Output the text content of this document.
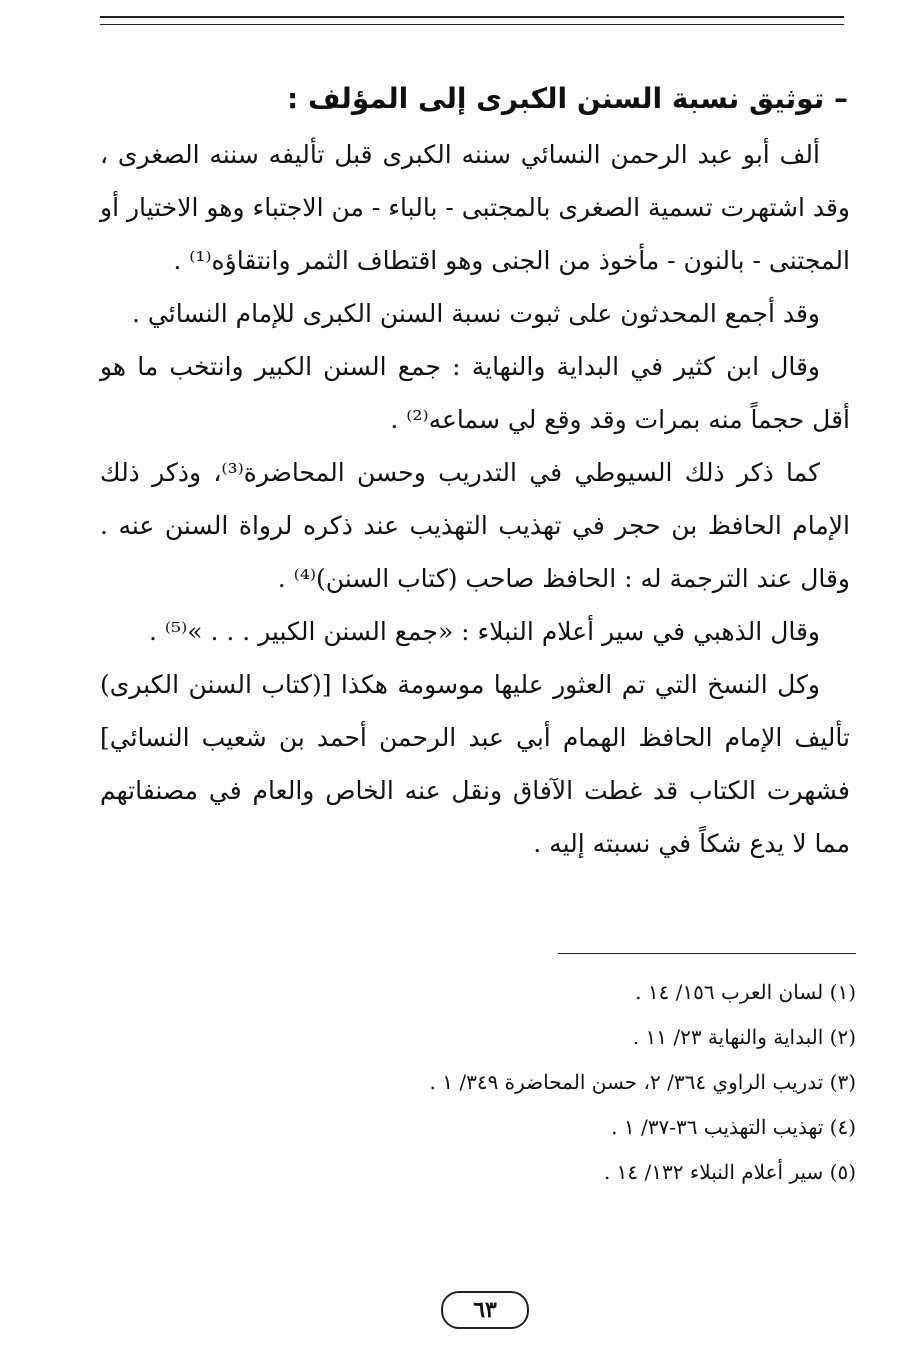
– توثيق نسبة السنن الكبرى إلى المؤلف :

ألف أبو عبد الرحمن النسائي سننه الكبرى قبل تأليفه سننه الصغرى ، وقد اشتهرت تسمية الصغرى بالمجتبى - بالباء - من الاجتباء وهو الاختيار أو المجتنى - بالنون - مأخوذ من الجنى وهو اقتطاف الثمر وانتقاؤه⁽¹⁾ .

وقد أجمع المحدثون على ثبوت نسبة السنن الكبرى للإمام النسائي .

وقال ابن كثير في البداية والنهاية : جمع السنن الكبير وانتخب ما هو أقل حجماً منه بمرات وقد وقع لي سماعه⁽²⁾ .

كما ذكر ذلك السيوطي في التدريب وحسن المحاضرة⁽³⁾، وذكر ذلك الإمام الحافظ بن حجر في تهذيب التهذيب عند ذكره لرواة السنن عنه . وقال عند الترجمة له : الحافظ صاحب (كتاب السنن)⁽⁴⁾ .

وقال الذهبي في سير أعلام النبلاء : «جمع السنن الكبير . . . »⁽⁵⁾ .

وكل النسخ التي تم العثور عليها موسومة هكذا [(كتاب السنن الكبرى) تأليف الإمام الحافظ الهمام أبي عبد الرحمن أحمد بن شعيب النسائي] فشهرت الكتاب قد غطت الآفاق ونقل عنه الخاص والعام في مصنفاتهم مما لا يدع شكاً في نسبته إليه .

(١) لسان العرب ١٥٦/ ١٤ .
(٢) البداية والنهاية ٢٣/ ١١ .
(٣) تدريب الراوي ٣٦٤/ ٢، حسن المحاضرة ٣٤٩/ ١ .
(٤) تهذيب التهذيب ٣٦-٣٧/ ١ .
(٥) سير أعلام النبلاء ١٣٢/ ١٤ .
٦٣
